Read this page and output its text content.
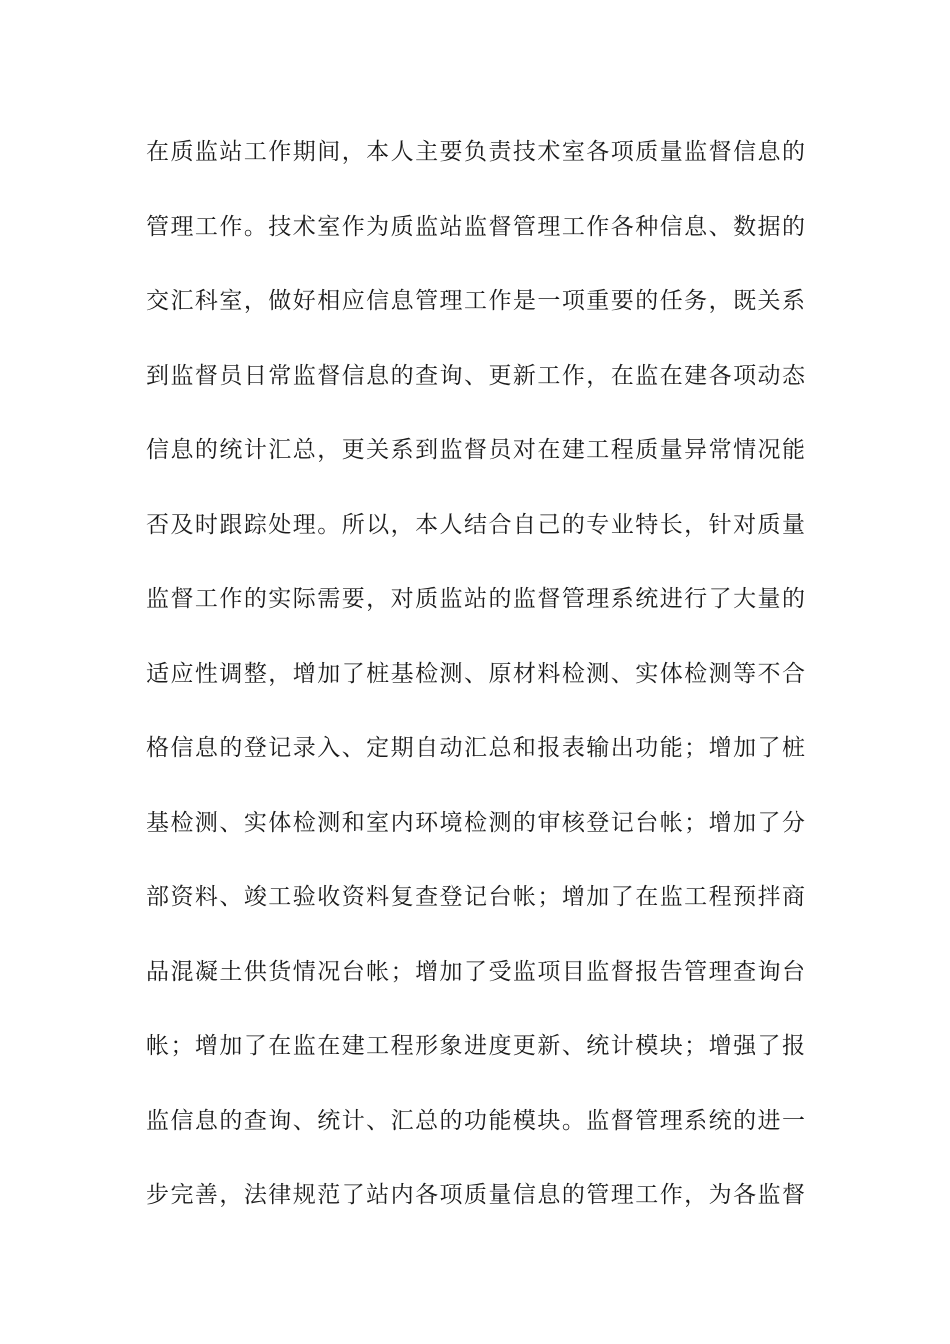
在质监站工作期间，本人主要负责技术室各项质量监督信息的
管理工作。技术室作为质监站监督管理工作各种信息、数据的
交汇科室，做好相应信息管理工作是一项重要的任务，既关系
到监督员日常监督信息的查询、更新工作，在监在建各项动态
信息的统计汇总，更关系到监督员对在建工程质量异常情况能
否及时跟踪处理。所以，本人结合自己的专业特长，针对质量
监督工作的实际需要，对质监站的监督管理系统进行了大量的
适应性调整，增加了桩基检测、原材料检测、实体检测等不合
格信息的登记录入、定期自动汇总和报表输出功能；增加了桩
基检测、实体检测和室内环境检测的审核登记台帐；增加了分
部资料、竣工验收资料复查登记台帐；增加了在监工程预拌商
品混凝土供货情况台帐；增加了受监项目监督报告管理查询台
帐；增加了在监在建工程形象进度更新、统计模块；增强了报
监信息的查询、统计、汇总的功能模块。监督管理系统的进一
步完善，法律规范了站内各项质量信息的管理工作，为各监督
